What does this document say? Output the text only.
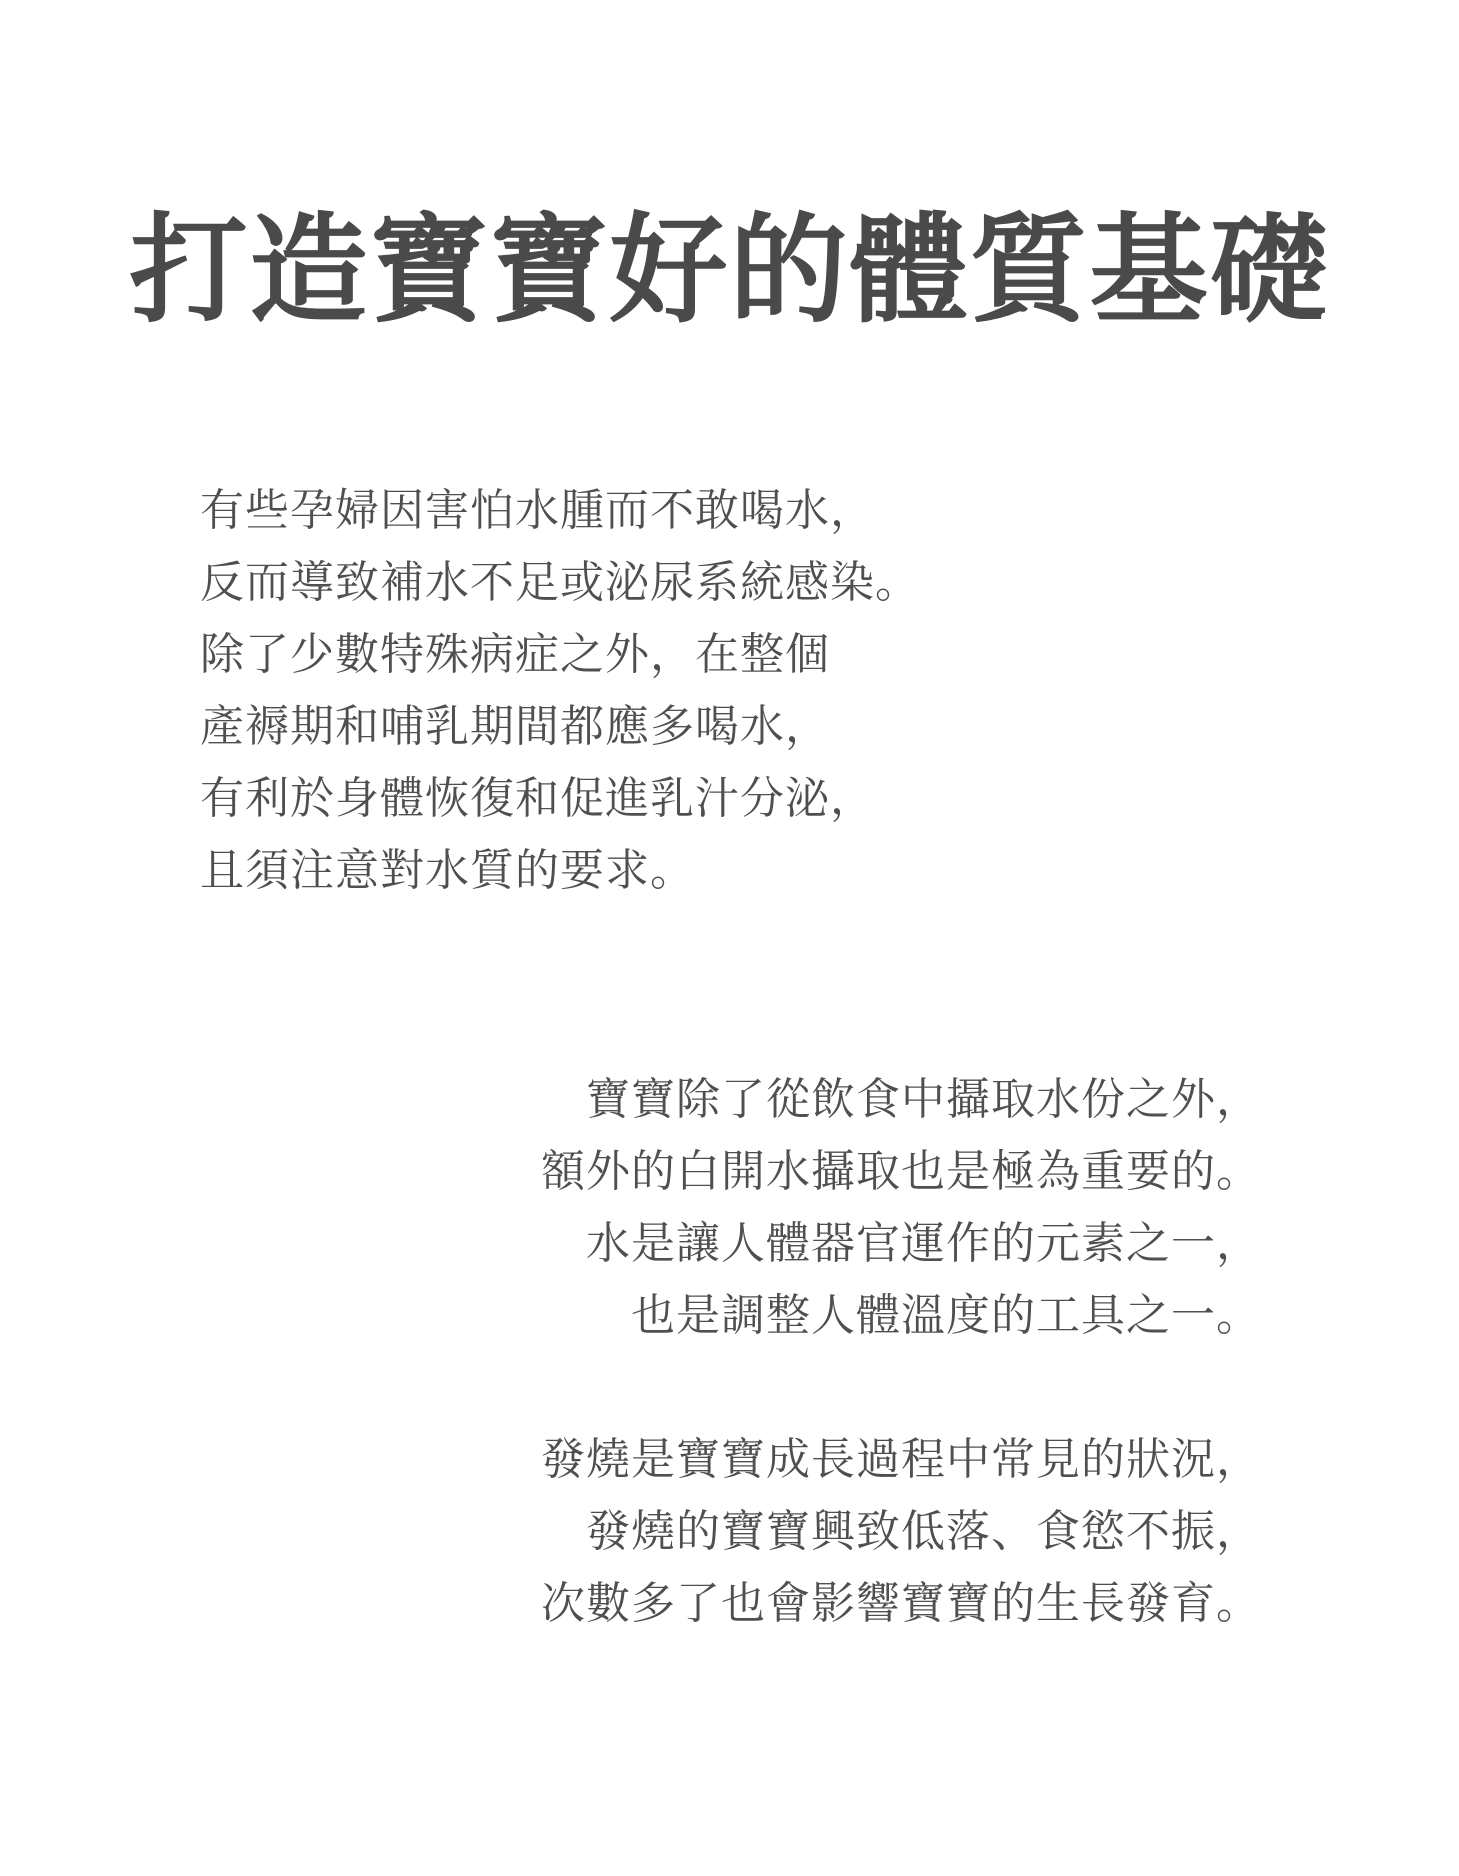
打造寶寶好的體質基礎
有些孕婦因害怕水腫而不敢喝水，
反而導致補水不足或泌尿系統感染。
除了少數特殊病症之外，在整個
產褥期和哺乳期間都應多喝水，
有利於身體恢復和促進乳汁分泌，
且須注意對水質的要求。
寶寶除了從飲食中攝取水份之外，
額外的白開水攝取也是極為重要的。
水是讓人體器官運作的元素之一，
也是調整人體溫度的工具之一。
發燒是寶寶成長過程中常見的狀況，
發燒的寶寶興致低落、食慾不振，
次數多了也會影響寶寶的生長發育。
